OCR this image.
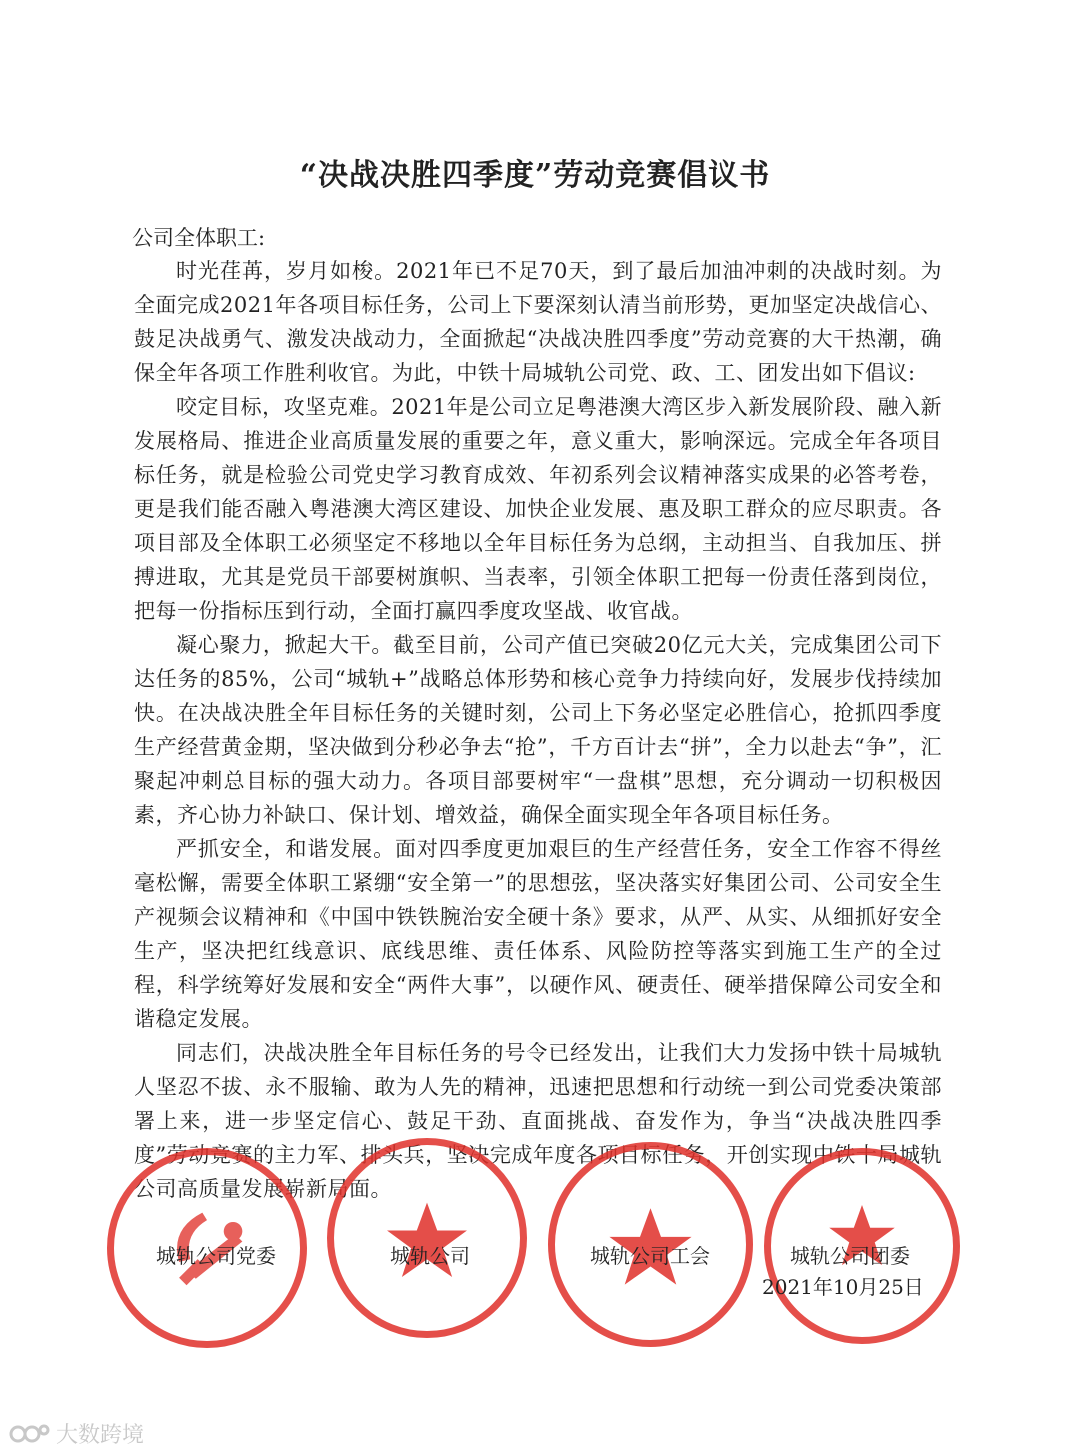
“决战决胜四季度”劳动竞赛倡议书
公司全体职工:

时光荏苒，岁月如梭。2021年已不足70天，到了最后加油冲刺的决战时刻。为全面完成2021年各项目标任务，公司上下要深刻认清当前形势，更加坚定决战信心、鼓足决战勇气、激发决战动力，全面掀起“决战决胜四季度”劳动竞赛的大干热潮，确保全年各项工作胜利收官。为此，中铁十局城轨公司党、政、工、团发出如下倡议:

咬定目标，攻坚克难。2021年是公司立足粤港澳大湾区步入新发展阶段、融入新发展格局、推进企业高质量发展的重要之年，意义重大，影响深远。完成全年各项目标任务，就是检验公司党史学习教育成效、年初系列会议精神落实成果的必答考卷，更是我们能否融入粤港澳大湾区建设、加快企业发展、惠及职工群众的应尽职责。各项目部及全体职工必须坚定不移地以全年目标任务为总纲，主动担当、自我加压、拼搏进取，尤其是党员干部要树旗帜、当表率，引领全体职工把每一份责任落到岗位，把每一份指标压到行动，全面打赢四季度攻坚战、收官战。

凝心聚力，掀起大干。截至目前，公司产值已突破20亿元大关，完成集团公司下达任务的85%，公司“城轨+”战略总体形势和核心竞争力持续向好，发展步伐持续加快。在决战决胜全年目标任务的关键时刻，公司上下务必坚定必胜信心，抢抓四季度生产经营黄金期，坚决做到分秒必争去“抢”，千方百计去“拼”，全力以赴去“争”，汇聚起冲刺总目标的强大动力。各项目部要树牢“一盘棋”思想，充分调动一切积极因素，齐心协力补缺口、保计划、增效益，确保全面实现全年各项目标任务。

严抓安全，和谐发展。面对四季度更加艰巨的生产经营任务，安全工作容不得丝毫松懈，需要全体职工紧绷“安全第一”的思想弦，坚决落实好集团公司、公司安全生产视频会议精神和《中国中铁铁腕治安全硬十条》要求，从严、从实、从细抓好安全生产，坚决把红线意识、底线思维、责任体系、风险防控等落实到施工生产的全过程，科学统筹好发展和安全“两件大事”，以硬作风、硬责任、硬举措保障公司安全和谐稳定发展。

同志们，决战决胜全年目标任务的号令已经发出，让我们大力发扬中铁十局城轨人坚忍不拔、永不服输、敢为人先的精神，迅速把思想和行动统一到公司党委决策部署上来，进一步坚定信心、鼓足干劲、直面挑战、奋发作为，争当“决战决胜四季度”劳动竞赛的主力军、排头兵，坚决完成年度各项目标任务，开创实现中铁十局城轨公司高质量发展崭新局面。

城轨公司党委	城轨公司	城轨公司工会	城轨公司团委
2021年10月25日
大数跨境
